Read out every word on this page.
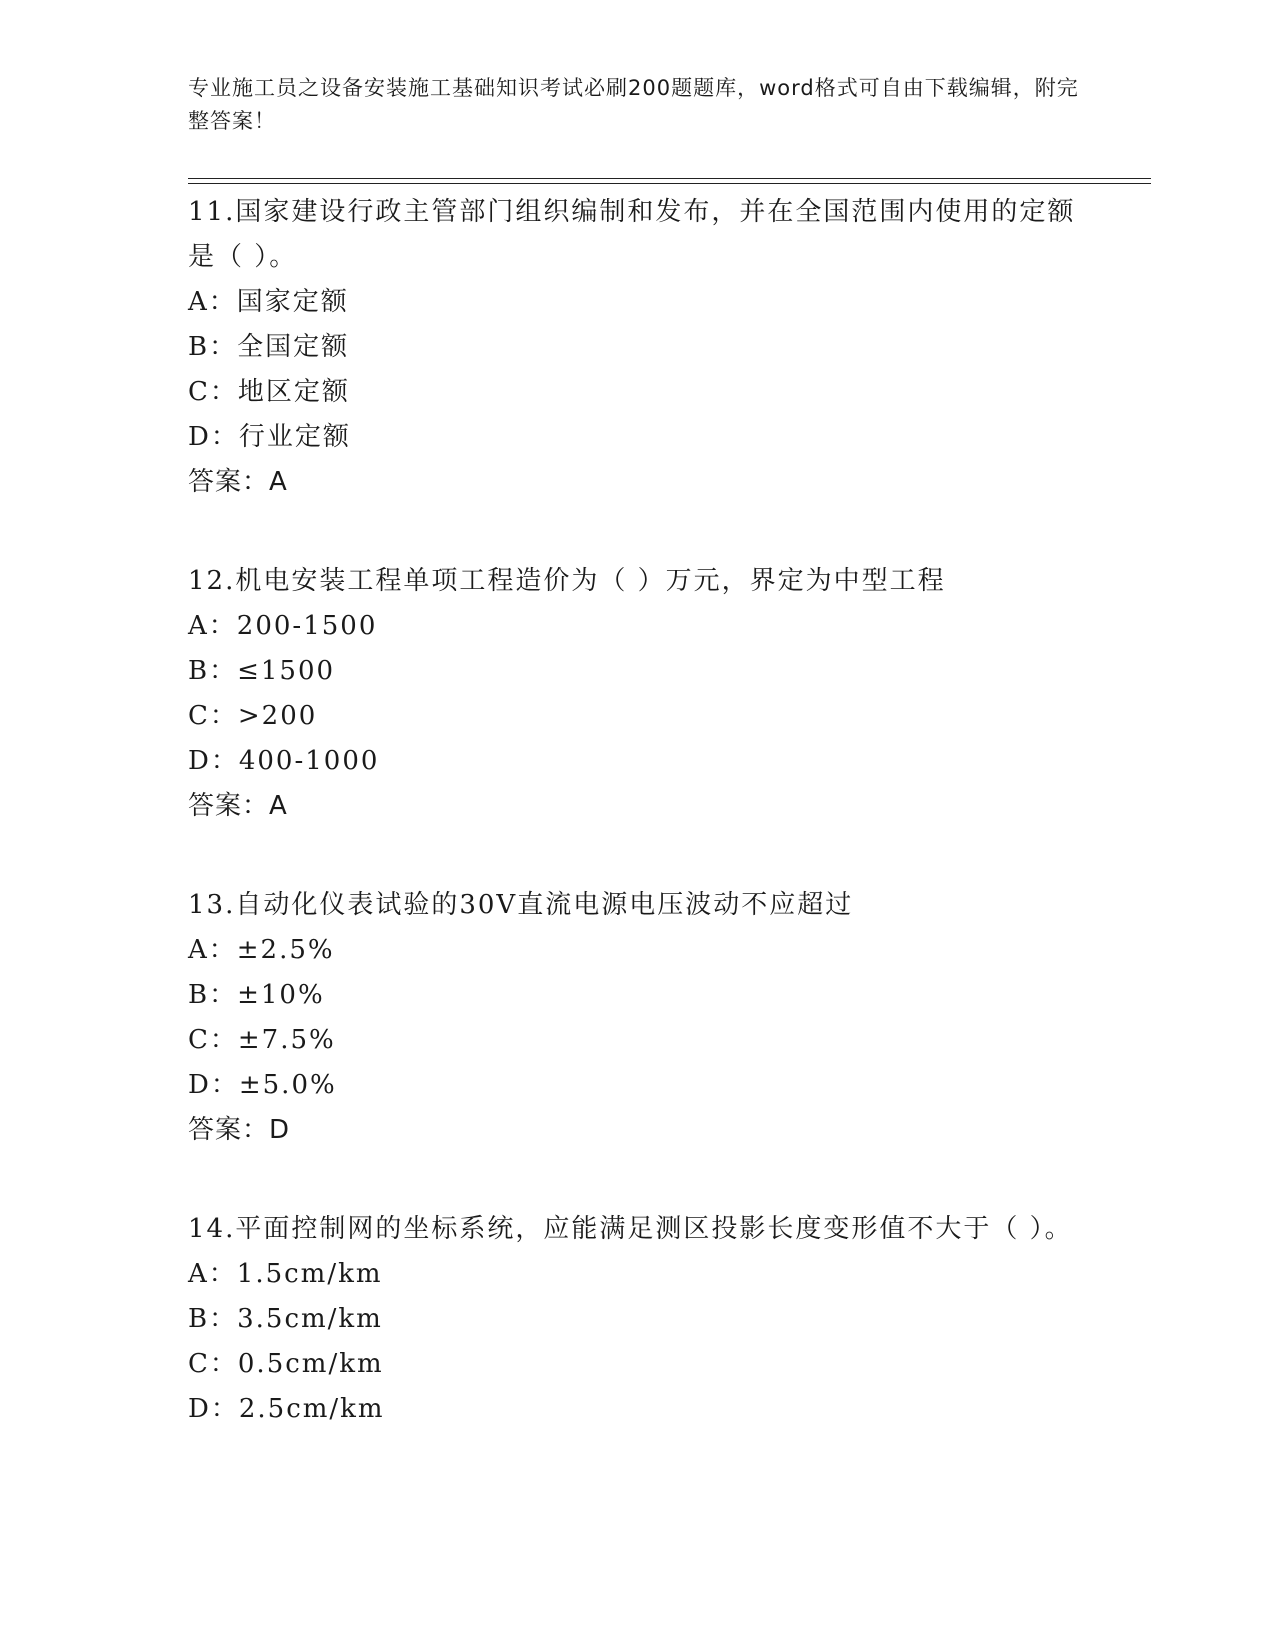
专业施工员之设备安装施工基础知识考试必刷200题题库，word格式可自由下载编辑，附完整答案！
11.国家建设行政主管部门组织编制和发布，并在全国范围内使用的定额是（ ）。
A：国家定额
B：全国定额
C：地区定额
D：行业定额
答案：A
12.机电安装工程单项工程造价为（ ）万元，界定为中型工程
A：200-1500
B：≤1500
C：>200
D：400-1000
答案：A
13.自动化仪表试验的30V直流电源电压波动不应超过
A：±2.5%
B：±10%
C：±7.5%
D：±5.0%
答案：D
14.平面控制网的坐标系统，应能满足测区投影长度变形值不大于（ ）。
A：1.5cm/km
B：3.5cm/km
C：0.5cm/km
D：2.5cm/km
